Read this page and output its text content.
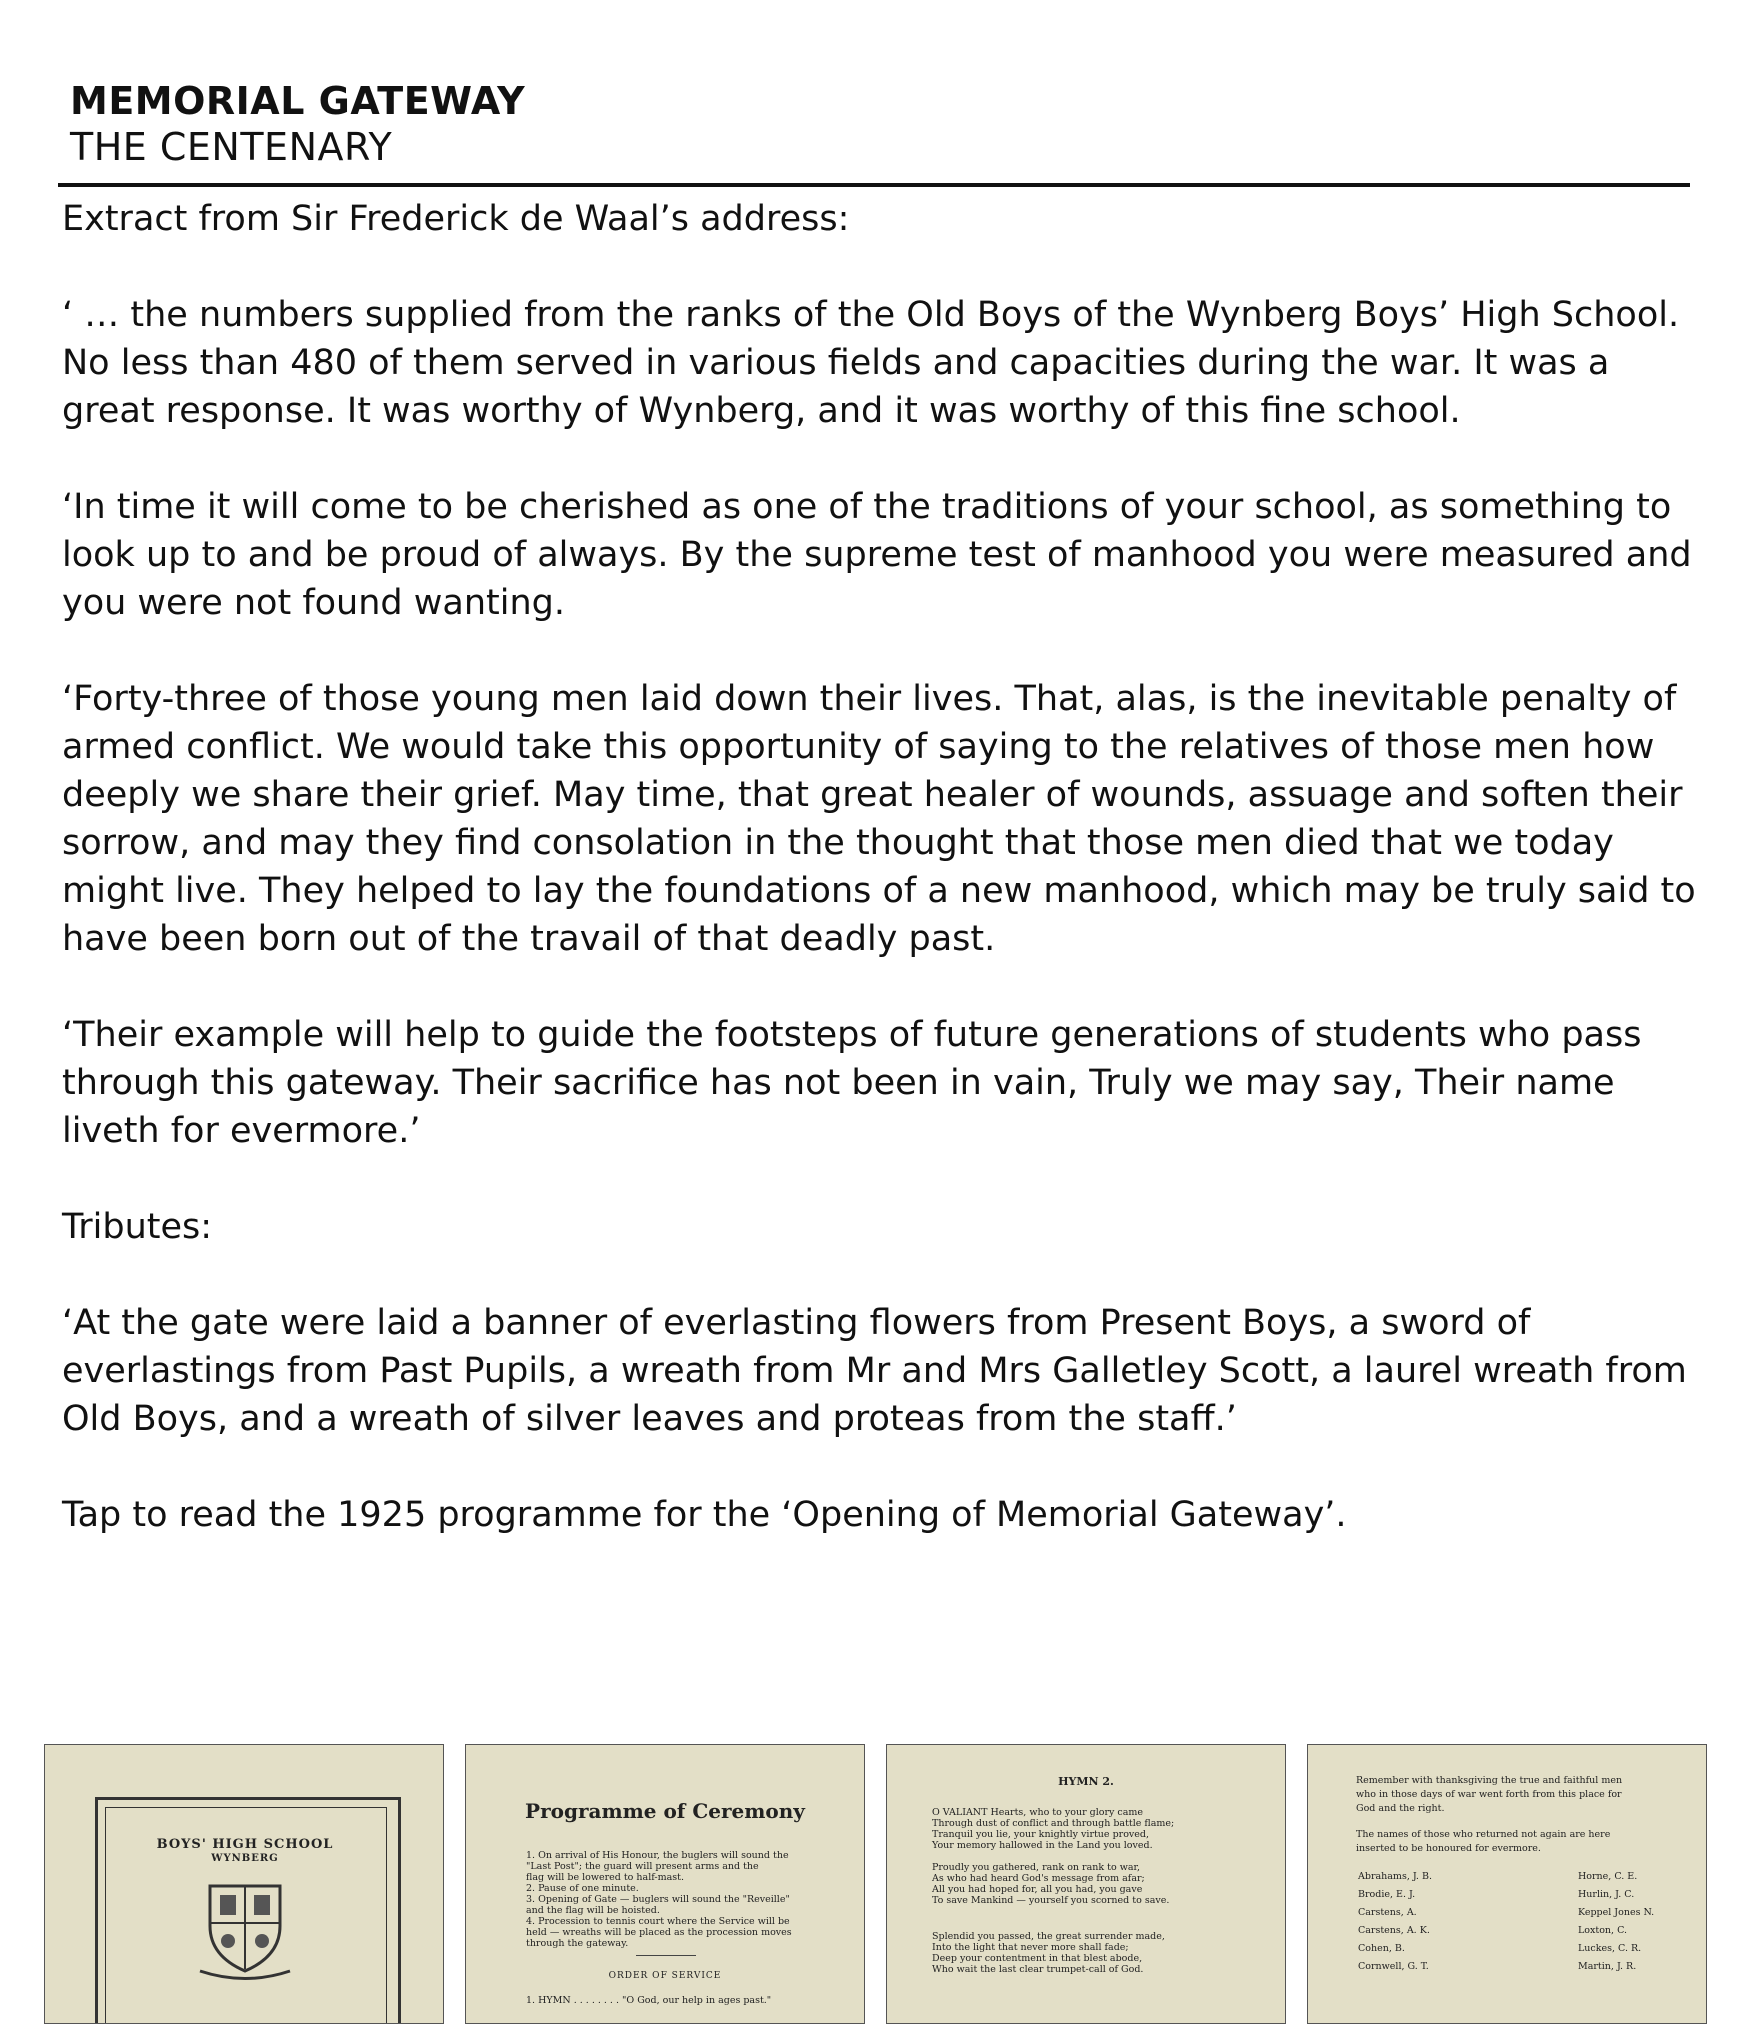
MEMORIAL GATEWAY
THE CENTENARY

Extract from Sir Frederick de Waal’s address:

‘ … the numbers supplied from the ranks of the Old Boys of the Wynberg Boys’ High School. No less than 480 of them served in various fields and capacities during the war. It was a great response. It was worthy of Wynberg, and it was worthy of this fine school.

‘In time it will come to be cherished as one of the traditions of your school, as something to look up to and be proud of always. By the supreme test of manhood you were measured and you were not found wanting.

‘Forty-three of those young men laid down their lives. That, alas, is the inevitable penalty of armed conflict. We would take this opportunity of saying to the relatives of those men how deeply we share their grief. May time, that great healer of wounds, assuage and soften their sorrow, and may they find consolation in the thought that those men died that we today might live. They helped to lay the foundations of a new manhood, which may be truly said to have been born out of the travail of that deadly past.

‘Their example will help to guide the footsteps of future generations of students who pass through this gateway. Their sacrifice has not been in vain, Truly we may say, Their name liveth for evermore.’

Tributes:

‘At the gate were laid a banner of everlasting flowers from Present Boys, a sword of everlastings from Past Pupils, a wreath from Mr and Mrs Galletley Scott, a laurel wreath from Old Boys, and a wreath of silver leaves and proteas from the staff.’

Tap to read the 1925 programme for the ‘Opening of Memorial Gateway’.

BOYS' HIGH SCHOOL
WYNBERG
Programme of Ceremony
1. On arrival of His Honour, the buglers will sound the
"Last Post"; the guard will present arms and the
flag will be lowered to half-mast.
2. Pause of one minute.
3. Opening of Gate — buglers will sound the "Reveille"
and the flag will be hoisted.
4. Procession to tennis court where the Service will be
held — wreaths will be placed as the procession moves
through the gateway.
ORDER OF SERVICE
1. HYMN . . . . . . . . "O God, our help in ages past."
HYMN 2.
O VALIANT Hearts, who to your glory came
Through dust of conflict and through battle flame;
Tranquil you lie, your knightly virtue proved,
Your memory hallowed in the Land you loved.
Proudly you gathered, rank on rank to war,
As who had heard God's message from afar;
All you had hoped for, all you had, you gave
To save Mankind — yourself you scorned to save.
Splendid you passed, the great surrender made,
Into the light that never more shall fade;
Deep your contentment in that blest abode,
Who wait the last clear trumpet-call of God.
Remember with thanksgiving the true and faithful men
who in those days of war went forth from this place for
God and the right.
The names of those who returned not again are here
inserted to be honoured for evermore.
Abrahams, J. B.
Brodie, E. J.
Carstens, A.
Carstens, A. K.
Cohen, B.
Cornwell, G. T.
Horne, C. E.
Hurlin, J. C.
Keppel Jones N.
Loxton, C.
Luckes, C. R.
Martin, J. R.
